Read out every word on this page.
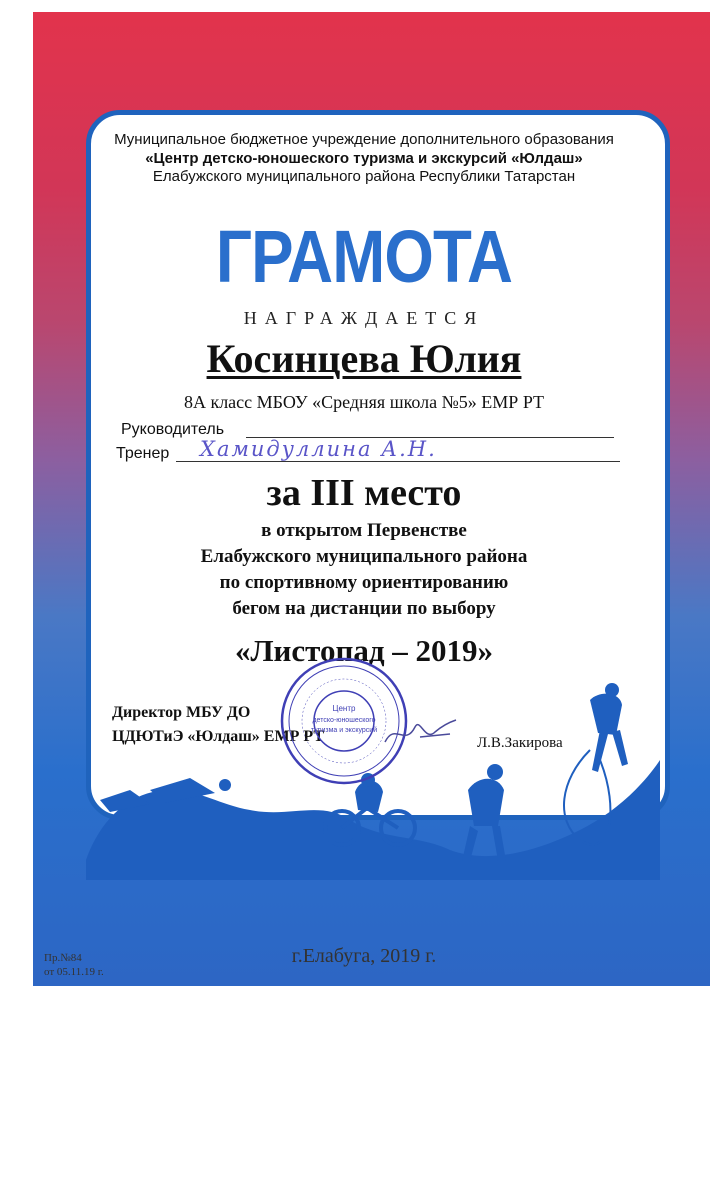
Муниципальное бюджетное учреждение дополнительного образования

«Центр детско-юношеского туризма и экскурсий «Юлдаш»

Елабужского муниципального района Республики Татарстан

ГРАМОТА

НАГРАЖДАЕТСЯ

Косинцева Юлия

8А класс МБОУ «Средняя школа №5» ЕМР РТ

Руководитель
Тренер Хамидуллина А.Н.

за III место

в открытом Первенстве

Елабужского муниципального района

по спортивному ориентированию

бегом на дистанции по выбору

«Листопад – 2019»

Директор МБУ ДО
ЦДЮТиЭ «Юлдаш» ЕМР РТ	Л.В.Закирова
Центр
детско-юношеского
туризма и экскурсий

г.Елабуга, 2019 г.

Пр.№84
от 05.11.19 г.
